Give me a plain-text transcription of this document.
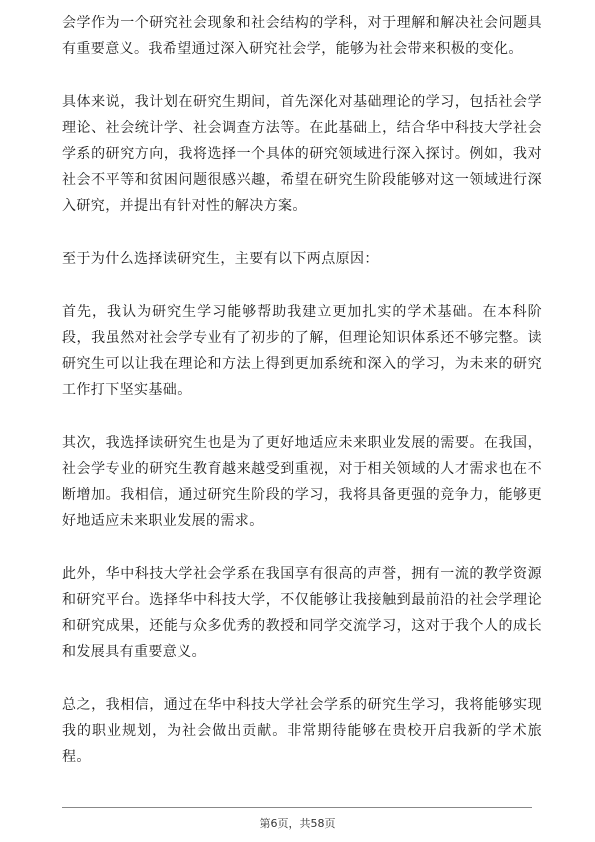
会学作为一个研究社会现象和社会结构的学科，对于理解和解决社会问题具有重要意义。我希望通过深入研究社会学，能够为社会带来积极的变化。

具体来说，我计划在研究生期间，首先深化对基础理论的学习，包括社会学理论、社会统计学、社会调查方法等。在此基础上，结合华中科技大学社会学系的研究方向，我将选择一个具体的研究领域进行深入探讨。例如，我对社会不平等和贫困问题很感兴趣，希望在研究生阶段能够对这一领域进行深入研究，并提出有针对性的解决方案。

至于为什么选择读研究生，主要有以下两点原因：

首先，我认为研究生学习能够帮助我建立更加扎实的学术基础。在本科阶段，我虽然对社会学专业有了初步的了解，但理论知识体系还不够完整。读研究生可以让我在理论和方法上得到更加系统和深入的学习，为未来的研究工作打下坚实基础。

其次，我选择读研究生也是为了更好地适应未来职业发展的需要。在我国，社会学专业的研究生教育越来越受到重视，对于相关领域的人才需求也在不断增加。我相信，通过研究生阶段的学习，我将具备更强的竞争力，能够更好地适应未来职业发展的需求。

此外，华中科技大学社会学系在我国享有很高的声誉，拥有一流的教学资源和研究平台。选择华中科技大学，不仅能够让我接触到最前沿的社会学理论和研究成果，还能与众多优秀的教授和同学交流学习，这对于我个人的成长和发展具有重要意义。

总之，我相信，通过在华中科技大学社会学系的研究生学习，我将能够实现我的职业规划，为社会做出贡献。非常期待能够在贵校开启我新的学术旅程。

第6页，共58页
